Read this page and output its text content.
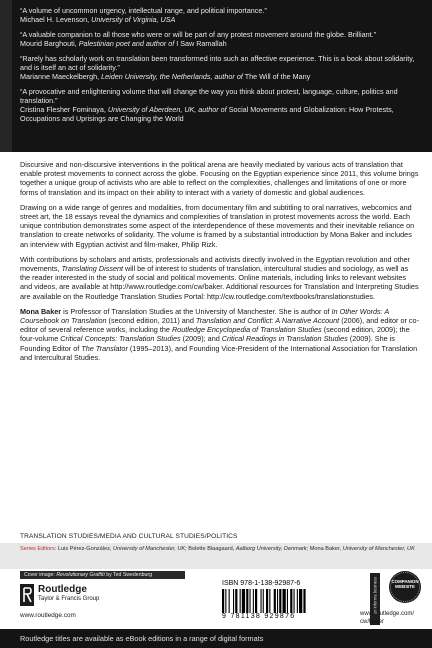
“A volume of uncommon urgency, intellectual range, and political importance.”
Michael H. Levenson, University of Virginia, USA
“A valuable companion to all those who were or will be part of any protest movement around the globe. Brilliant.”
Mourid Barghouti, Palestinian poet and author of I Saw Ramallah
“Rarely has scholarly work on translation been transformed into such an affective experience. This is a book about solidarity, and is itself an act of solidarity.”
Marianne Maeckelbergh, Leiden University, the Netherlands, author of The Will of the Many
“A provocative and enlightening volume that will change the way you think about protest, language, culture, politics and translation.”
Cristina Flesher Fominaya, University of Aberdeen, UK, author of Social Movements and Globalization: How Protests, Occupations and Uprisings are Changing the World

Discursive and non-discursive interventions in the political arena are heavily mediated by various acts of translation that enable protest movements to connect across the globe. Focusing on the Egyptian experience since 2011, this volume brings together a unique group of activists who are able to reflect on the complexities, challenges and limitations of one or more forms of translation and its impact on their ability to interact with a variety of domestic and global audiences.

Drawing on a wide range of genres and modalities, from documentary film and subtitling to oral narratives, webcomics and street art, the 18 essays reveal the dynamics and complexities of translation in protest movements across the world. Each unique contribution demonstrates some aspect of the interdependence of these movements and their inevitable reliance on translation to create networks of solidarity. The volume is framed by a substantial introduction by Mona Baker and includes an interview with Egyptian activist and film-maker, Philip Rizk.

With contributions by scholars and artists, professionals and activists directly involved in the Egyptian revolution and other movements, Translating Dissent will be of interest to students of translation, intercultural studies and sociology, as well as the reader interested in the study of social and political movements. Online materials, including links to relevant websites and videos, are available at http://www.routledge.com/cw/baker. Additional resources for Translation and Interpreting Studies are available on the Routledge Translation Studies Portal: http://cw.routledge.com/textbooks/translationstudies.

Mona Baker is Professor of Translation Studies at the University of Manchester. She is author of In Other Words: A Coursebook on Translation (second edition, 2011) and Translation and Conflict: A Narrative Account (2006), and editor or co-editor of several reference works, including the Routledge Encyclopedia of Translation Studies (second edition, 2009); the four-volume Critical Concepts: Translation Studies (2009); and Critical Readings in Translation Studies (2009). She is Founding Editor of The Translator (1995–2013), and Founding Vice-President of the International Association for Translation and Intercultural Studies.

TRANSLATION STUDIES/MEDIA AND CULTURAL STUDIES/POLITICS
Series Editors: Luis Pérez-González, University of Manchester, UK; Bolette Blaagaard, Aalborg University, Denmark; Mona Baker, University of Manchester, UK
Cover image: Revolutionary Graffiti by Ted Swedenburg
Routledge
Taylor & Francis Group
www.routledge.com
ISBN 978-1-138-92987-6
9 781138 929876
an informa business	COMPANION
WEBSITE
www.routledge.com/
cw/baker
Routledge titles are available as eBook editions in a range of digital formats
